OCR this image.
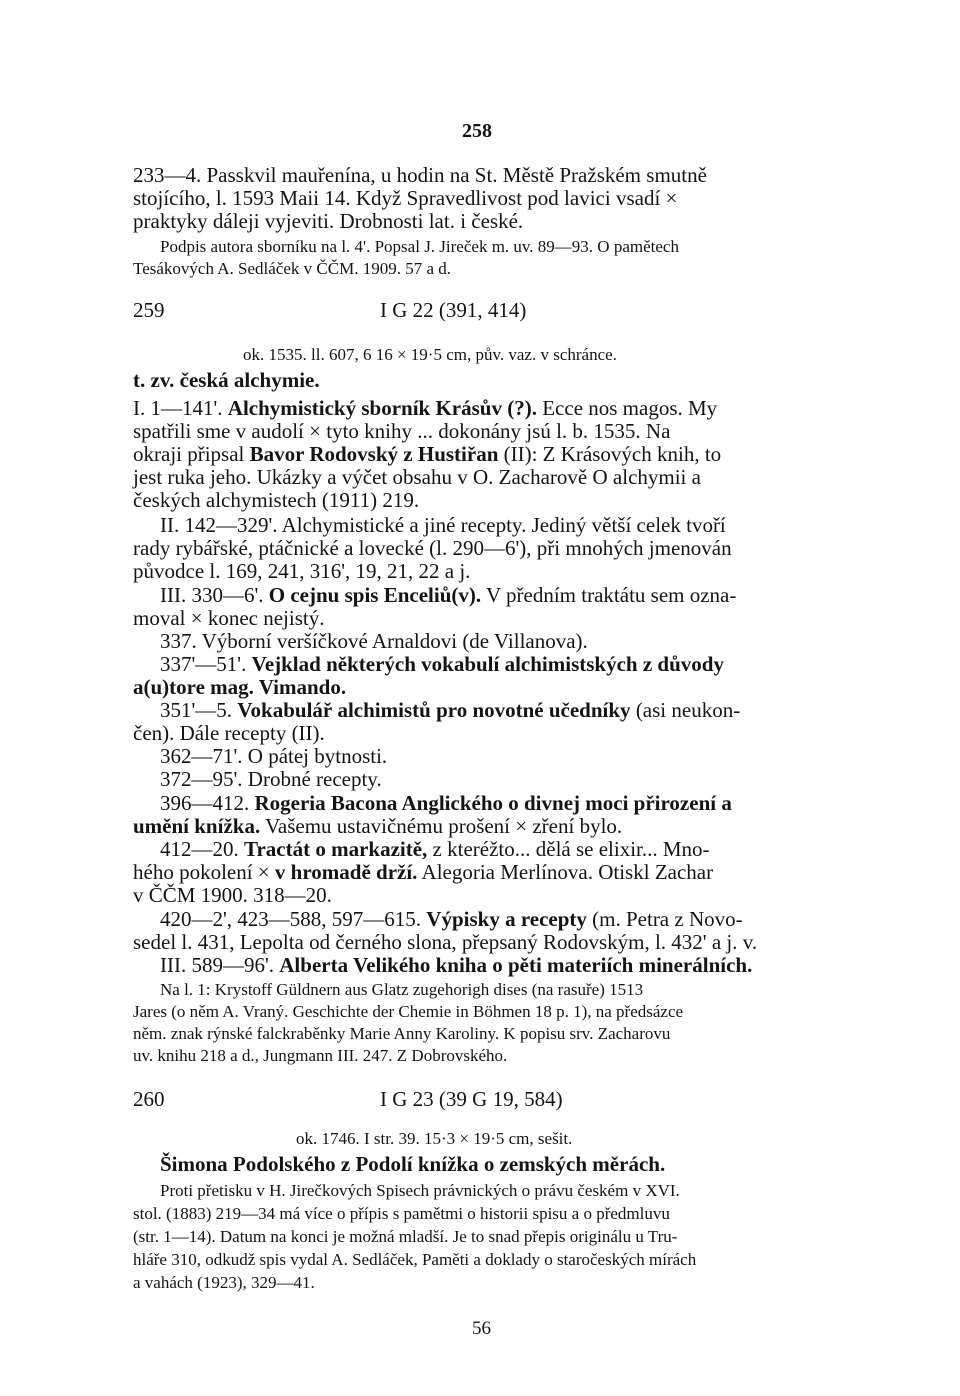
258
233—4. Passkvil mauřenína, u hodin na St. Městě Pražském smutně
stojícího, l. 1593 Maii 14. Když Spravedlivost pod lavici vsadí ×
praktyky dáleji vyjeviti. Drobnosti lat. i české.
Podpis autora sborníku na l. 4'. Popsal J. Jireček m. uv. 89—93. O pamětech
Tesákových A. Sedláček v ČČM. 1909. 57 a d.
259	I G 22 (391, 414)
ok. 1535. ll. 607, 6 16 × 19·5 cm, pův. vaz. v schránce.
t. zv. česká alchymie.
I. 1—141'. Alchymistický sborník Krásův (?). Ecce nos magos. My
spatřili sme v audolí × tyto knihy ... dokonány jsú l. b. 1535. Na
okraji připsal Bavor Rodovský z Hustiřan (II): Z Krásových knih, to
jest ruka jeho. Ukázky a výčet obsahu v O. Zacharově O alchymii a
českých alchymistech (1911) 219.
II. 142—329'. Alchymistické a jiné recepty. Jediný větší celek tvoří
rady rybářské, ptáčnické a lovecké (l. 290—6'), při mnohých jmenován
původce l. 169, 241, 316', 19, 21, 22 a j.
III. 330—6'. O cejnu spis Enceliů(v). V předním traktátu sem ozna-
moval × konec nejistý.
337. Výborní veršíčkové Arnaldovi (de Villanova).
337'—51'. Vejklad některých vokabulí alchimistských z důvody
a(u)tore mag. Vimando.
351'—5. Vokabulář alchimistů pro novotné učedníky (asi neukon-
čen). Dále recepty (II).
362—71'. O pátej bytnosti.
372—95'. Drobné recepty.
396—412. Rogeria Bacona Anglického o divnej moci přirození a
umění knížka. Vašemu ustavičnému prošení × zření bylo.
412—20. Tractát o markazitě, z kteréžto... dělá se elixir... Mno-
hého pokolení × v hromadě drží. Alegoria Merlínova. Otiskl Zachar
v ČČM 1900. 318—20.
420—2', 423—588, 597—615. Výpisky a recepty (m. Petra z Novo-
sedel l. 431, Lepolta od černého slona, přepsaný Rodovským, l. 432' a j. v.
III. 589—96'. Alberta Velikého kniha o pěti materiích minerálních.
Na l. 1: Krystoff Güldnern aus Glatz zugehorigh dises (na rasuře) 1513
Jares (o něm A. Vraný. Geschichte der Chemie in Böhmen 18 p. 1), na předsázce
něm. znak rýnské falckraběnky Marie Anny Karoliny. K popisu srv. Zacharovu
uv. knihu 218 a d., Jungmann III. 247. Z Dobrovského.
260	I G 23 (39 G 19, 584)
ok. 1746. I str. 39. 15·3 × 19·5 cm, sešit.
Šimona Podolského z Podolí knížka o zemských měrách.
Proti přetisku v H. Jirečkových Spisech právnických o právu českém v XVI.
stol. (1883) 219—34 má více o přípis s pamětmi o historii spisu a o předmluvu
(str. 1—14). Datum na konci je možná mladší. Je to snad přepis originálu u Tru-
hláře 310, odkudž spis vydal A. Sedláček, Paměti a doklady o staročeských mírách
a vahách (1923), 329—41.
56
